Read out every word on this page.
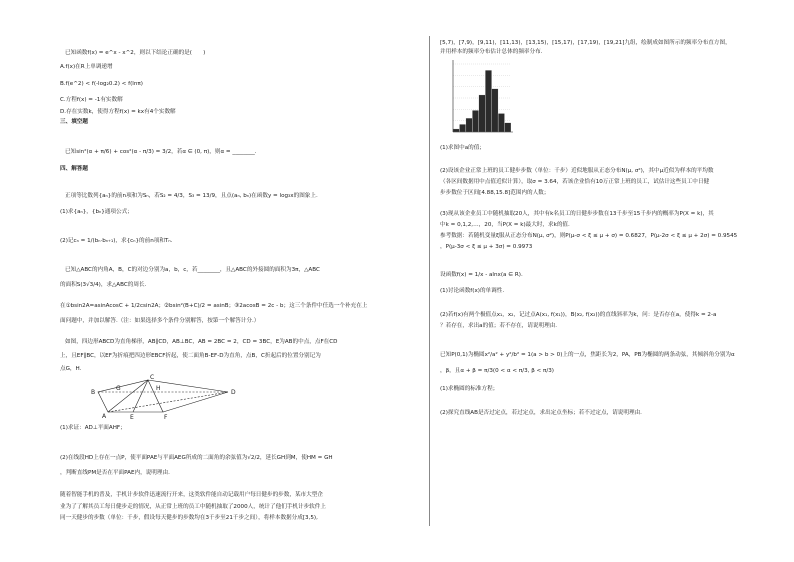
已知函数f(x) = e^x - x^2，则以下结论正确的是(　　)

A.f(x)在R上单调递增

B.f(e^2) < f(-log₂0.2) < f(lnπ)

C.方程f(x) = -1有实数解

D.存在实数k，使得方程f(x) = kx有4个实数解

三、填空题

已知sin²(α + π/6) + cos²(α - π/3) = 3/2，若α ∈ (0, π)，则α = ________.

四、解答题

正项等比数列{aₙ}的前n项和为Sₙ，若S₂ = 4/3，S₃ = 13/9，且点(aₙ, bₙ)在函数y = log₃x的图象上.

(1)求{aₙ}，{bₙ}通项公式；

(2)记cₙ = 1/(bₙ·bₙ₊₁)，求{cₙ}的前n项和Tₙ.

已知△ABC的内角A，B，C的对边分别为a，b，c，若________，且△ABC的外接圆的面积为3π，△ABC

的面积S(3√3/4)，求△ABC的周长.

在①bsin2A=asinAcosC + 1/2csin2A；②bsin²(B+C)/2 = asinB；③2acosB = 2c - b；这三个条件中任选一个补充在上

面问题中，并加以解答.（注：如果选择多个条件分别解答，按第一个解答计分.）

如图，四边形ABCD为直角梯形，AB∥CD，AB⊥BC，AB = 2BC = 2，CD = 3BC，E为AB的中点，点F在CD

上，且EF∥BC，以EF为折痕把四边形EBCF折起，使二面角B-EF-D为直角，点B，C折起后的位置分别记为

点G，H.

A
B
C
D
E	F
G	H

(1)求证：AD⊥平面AHF；

(2)在线段HD上存在一点P，使平面PAE与平面AEG所成的二面角的余弦值为√2/2，延长GH到M，使HM = GH

，判断直线PM是否在平面PAE内，说明理由.

随着智能手机的普及，手机计步软件迅速流行开来，这类软件能自动记载用户每日健步的步数，某市大型企

业为了了解其员工每日健步走的情况，从正常上班的员工中随机抽取了2000人，统计了他们手机计步软件上

同一天健步的步数（单位：千步，假设每天健步的步数均在3千步至21千步之间），将样本数据分成[3,5),

[5,7)，[7,9)，[9,11)，[11,13)，[13,15)，[15,17)，[17,19)，[19,21]九组，绘制成如图所示的频率分布直方图，

并用样本的频率分布估计总体的频率分布.

(1)求图中a的值；

(2)设该企业正常上班的员工健步步数（单位：千步）近似地服从正态分布N(μ, σ²)，其中μ近似为样本的平均数

（各区间数据用中点值近似计算），取σ = 3.64，若该企业恰有10万正常上班的员工，试估计这些员工中日健

步步数位于区间[4.88,15.8]范围内的人数；

(3)现从该企业员工中随机抽取20人，其中有k名员工的日健步步数在13千步至15千步内的概率为P(X = k)，其

中k = 0,1,2,…，20，当P(X = k)最大时，求k的值.

参考数据：若随机变量ξ服从正态分布N(μ, σ²)，则P(μ-σ < ξ ≤ μ + σ) = 0.6827，P(μ-2σ < ξ ≤ μ + 2σ) = 0.9545

，P(μ-3σ < ξ ≤ μ + 3σ) = 0.9973

设函数f(x) = 1/x - alnx(a ∈ R).

(1)讨论函数f(x)的单调性.

(2)若f(x)有两个极值点x₁，x₂，记过点A(x₁, f(x₁))，B(x₂, f(x₂))的直线斜率为k，问：是否存在a，使得k = 2-a

？若存在，求出a的值；若不存在，请说明理由.

已知P(0,1)为椭圆x²/a² + y²/b² = 1(a > b > 0)上的一点，焦距长为2，PA，PB为椭圆的两条动弦，其倾斜角分别为α

，β，且α + β = π/3(0 < α < π/3, β < π/3)

(1)求椭圆的标准方程；

(2)探究直线AB是否过定点，若过定点，求出定点坐标；若不过定点，请说明理由.
